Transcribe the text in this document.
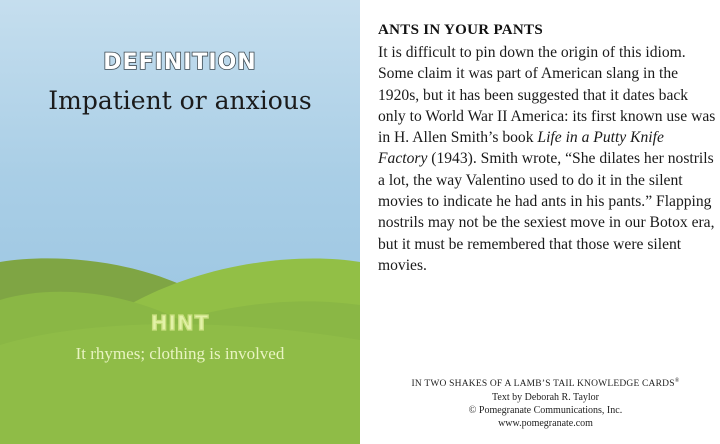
DEFINITION
Impatient or anxious
HINT
It rhymes; clothing is involved
ANTS IN YOUR PANTS
It is difficult to pin down the origin of this idiom. Some claim it was part of American slang in the 1920s, but it has been suggested that it dates back only to World War II America: its first known use was in H. Allen Smith’s book Life in a Putty Knife Factory (1943). Smith wrote, “She dilates her nostrils a lot, the way Valentino used to do it in the silent movies to indicate he had ants in his pants.” Flapping nostrils may not be the sexiest move in our Botox era, but it must be remembered that those were silent movies.
IN TWO SHAKES OF A LAMB’S TAIL KNOWLEDGE CARDS®
Text by Deborah R. Taylor
© Pomegranate Communications, Inc.
www.pomegranate.com
